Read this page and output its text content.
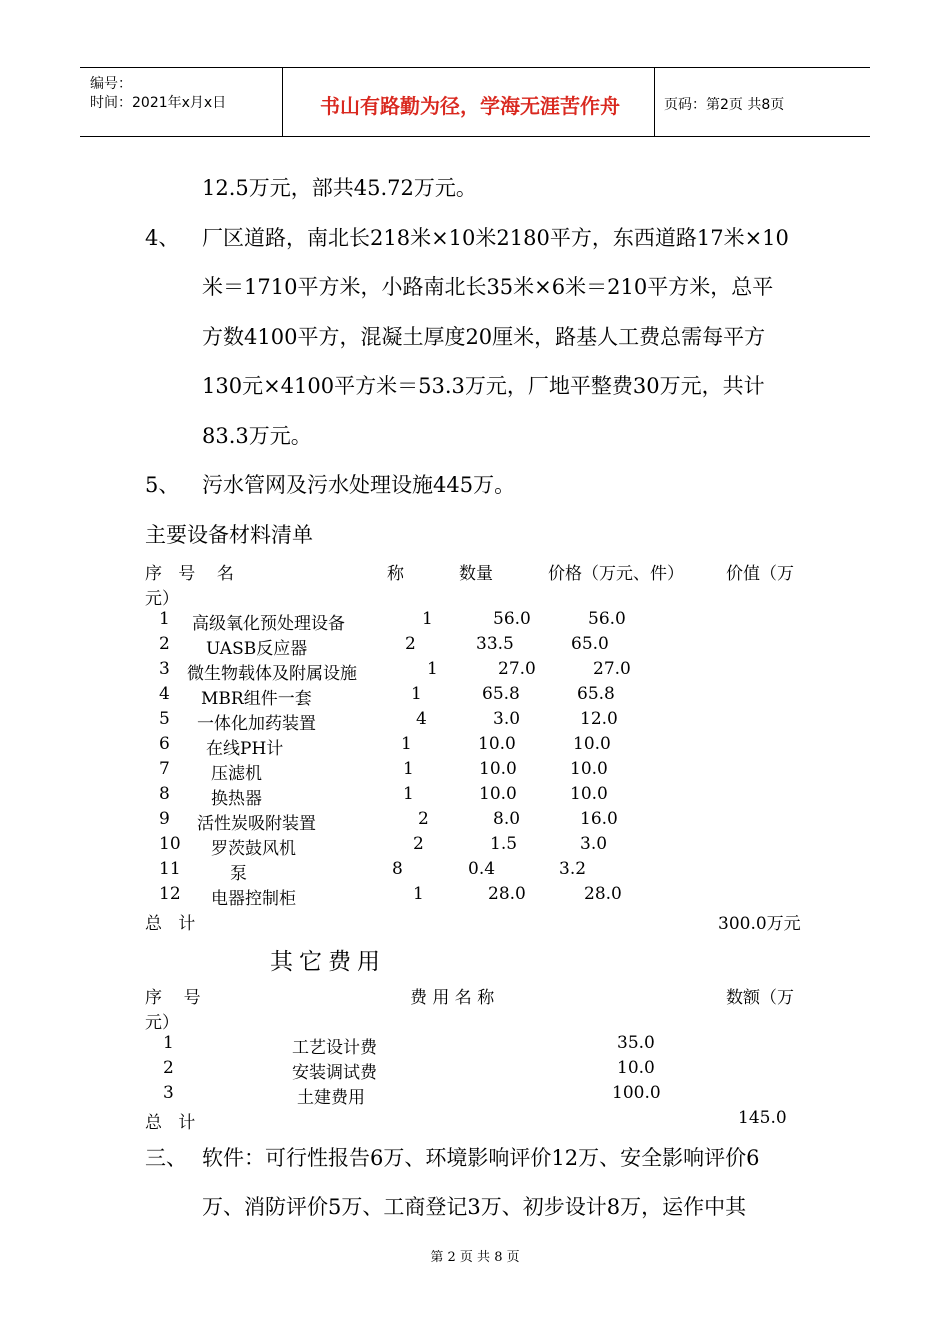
编号：
时间：2021年x月x日	书山有路勤为径，学海无涯苦作舟	页码：第2页 共8页
12.5万元，部共45.72万元。
4、 厂区道路，南北长218米×10米2180平方，东西道路17米×10
米＝1710平方米，小路南北长35米×6米＝210平方米，总平
方数4100平方，混凝土厚度20厘米，路基人工费总需每平方
130元×4100平方米＝53.3万元，厂地平整费30万元，共计
83.3万元。
5、 污水管网及污水处理设施445万。
主要设备材料清单
序   号    名	称	数量	价格（万元、件） 价值（万
元）
1 高级氧化预处理设备	1	56.0	56.0
2 UASB反应器	2	33.5	65.0
3 微生物载体及附属设施	1	27.0	27.0
4 MBR组件一套	1	65.8	65.8
5 一体化加药装置	4	3.0	12.0
6 在线PH计	1	10.0	10.0
7 压滤机	1	10.0	10.0
8 换热器	1	10.0	10.0
9 活性炭吸附装置	2	8.0	16.0
10 罗茨鼓风机	2	1.5	3.0
11	泵	8	0.4	3.2
12 电器控制柜	1	28.0	28.0
总   计	300.0万元
其它费用
序    号	费 用 名 称	数额（万
元）
1	工艺设计费	35.0
2	安装调试费	10.0
3	土建费用	100.0
总   计	145.0
三、 软件：可行性报告6万、环境影响评价12万、安全影响评价6
万、消防评价5万、工商登记3万、初步设计8万，运作中其
第 2 页 共 8 页
